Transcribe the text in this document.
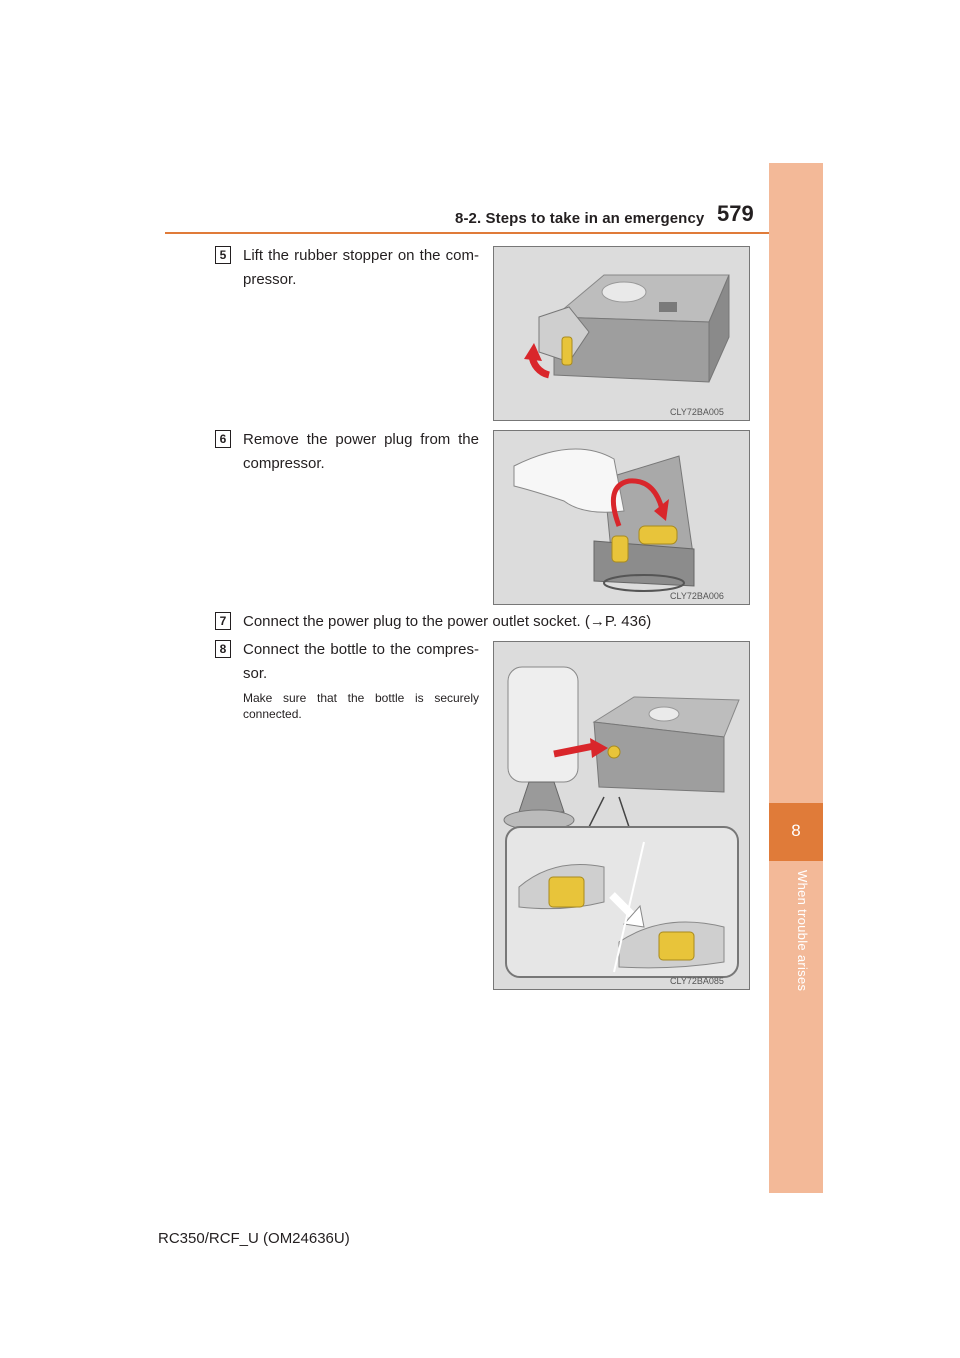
8-2. Steps to take in an emergency 579
8
When trouble arises
5	Lift the rubber stopper on the com-pressor.
CLY72BA005
6	Remove the power plug from the compressor.
CLY72BA006
7	Connect the power plug to the power outlet socket. (→P. 436)
8	Connect the bottle to the compres-sor.
Make sure that the bottle is securely connected.
CLY72BA085
RC350/RCF_U (OM24636U)
